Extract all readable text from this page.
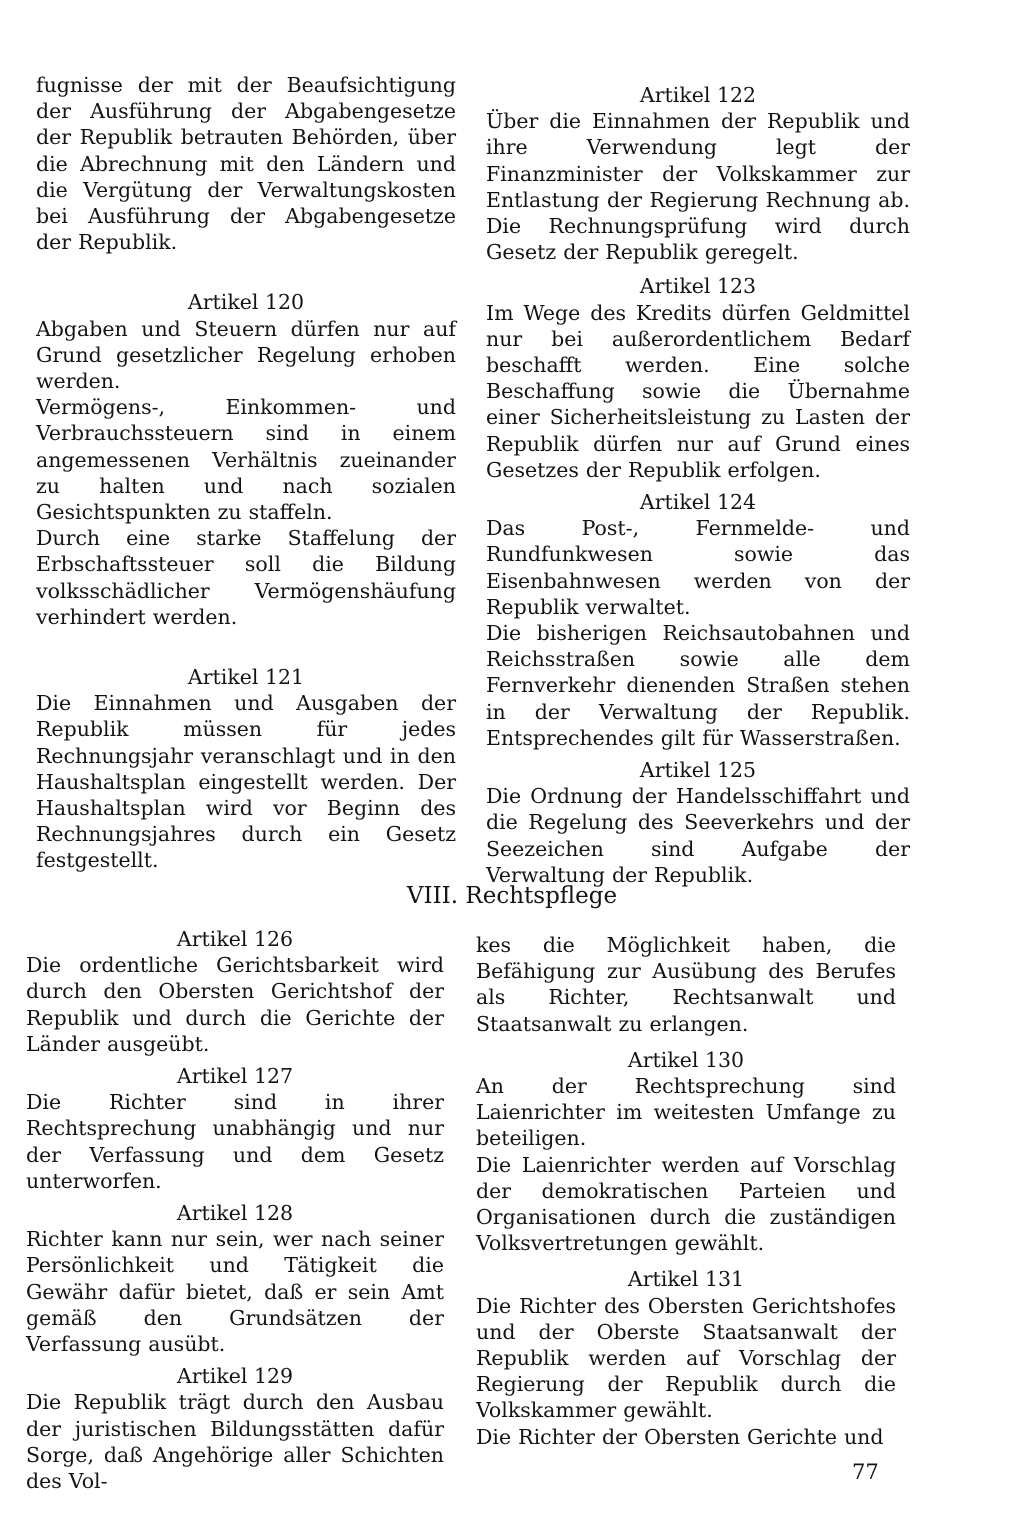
fugnisse der mit der Beaufsichtigung der Ausführung der Abgabengesetze der Republik betrauten Behörden, über die Abrechnung mit den Ländern und die Vergütung der Verwaltungskosten bei Ausführung der Abgabengesetze der Republik.

Artikel 120

Abgaben und Steuern dürfen nur auf Grund gesetzlicher Regelung erhoben werden.

Vermögens-, Einkommen- und Verbrauchssteuern sind in einem angemessenen Verhältnis zueinander zu halten und nach sozialen Gesichtspunkten zu staffeln.

Durch eine starke Staffelung der Erbschaftssteuer soll die Bildung volksschädlicher Vermögenshäufung verhindert werden.

Artikel 121

Die Einnahmen und Ausgaben der Republik müssen für jedes Rechnungsjahr veranschlagt und in den Haushaltsplan eingestellt werden. Der Haushaltsplan wird vor Beginn des Rechnungsjahres durch ein Gesetz festgestellt.

Artikel 122

Über die Einnahmen der Republik und ihre Verwendung legt der Finanzminister der Volkskammer zur Entlastung der Regierung Rechnung ab. Die Rechnungsprüfung wird durch Gesetz der Republik geregelt.

Artikel 123

Im Wege des Kredits dürfen Geldmittel nur bei außerordentlichem Bedarf beschafft werden. Eine solche Beschaffung sowie die Übernahme einer Sicherheitsleistung zu Lasten der Republik dürfen nur auf Grund eines Gesetzes der Republik erfolgen.

Artikel 124

Das Post-, Fernmelde- und Rundfunkwesen sowie das Eisenbahnwesen werden von der Republik verwaltet.

Die bisherigen Reichsautobahnen und Reichsstraßen sowie alle dem Fernverkehr dienenden Straßen stehen in der Verwaltung der Republik. Entsprechendes gilt für Wasserstraßen.

Artikel 125

Die Ordnung der Handelsschiffahrt und die Regelung des Seeverkehrs und der Seezeichen sind Aufgabe der Verwaltung der Republik.

VIII. Rechtspflege
Artikel 126

Die ordentliche Gerichtsbarkeit wird durch den Obersten Gerichtshof der Republik und durch die Gerichte der Länder ausgeübt.

Artikel 127

Die Richter sind in ihrer Rechtsprechung unabhängig und nur der Verfassung und dem Gesetz unterworfen.

Artikel 128

Richter kann nur sein, wer nach seiner Persönlichkeit und Tätigkeit die Gewähr dafür bietet, daß er sein Amt gemäß den Grundsätzen der Verfassung ausübt.

Artikel 129

Die Republik trägt durch den Ausbau der juristischen Bildungsstätten dafür Sorge, daß Angehörige aller Schichten des Vol-

kes die Möglichkeit haben, die Befähigung zur Ausübung des Berufes als Richter, Rechtsanwalt und Staatsanwalt zu erlangen.

Artikel 130

An der Rechtsprechung sind Laienrichter im weitesten Umfange zu beteiligen.

Die Laienrichter werden auf Vorschlag der demokratischen Parteien und Organisationen durch die zuständigen Volksvertretungen gewählt.

Artikel 131

Die Richter des Obersten Gerichtshofes und der Oberste Staatsanwalt der Republik werden auf Vorschlag der Regierung der Republik durch die Volkskammer gewählt.

Die Richter der Obersten Gerichte und

77
